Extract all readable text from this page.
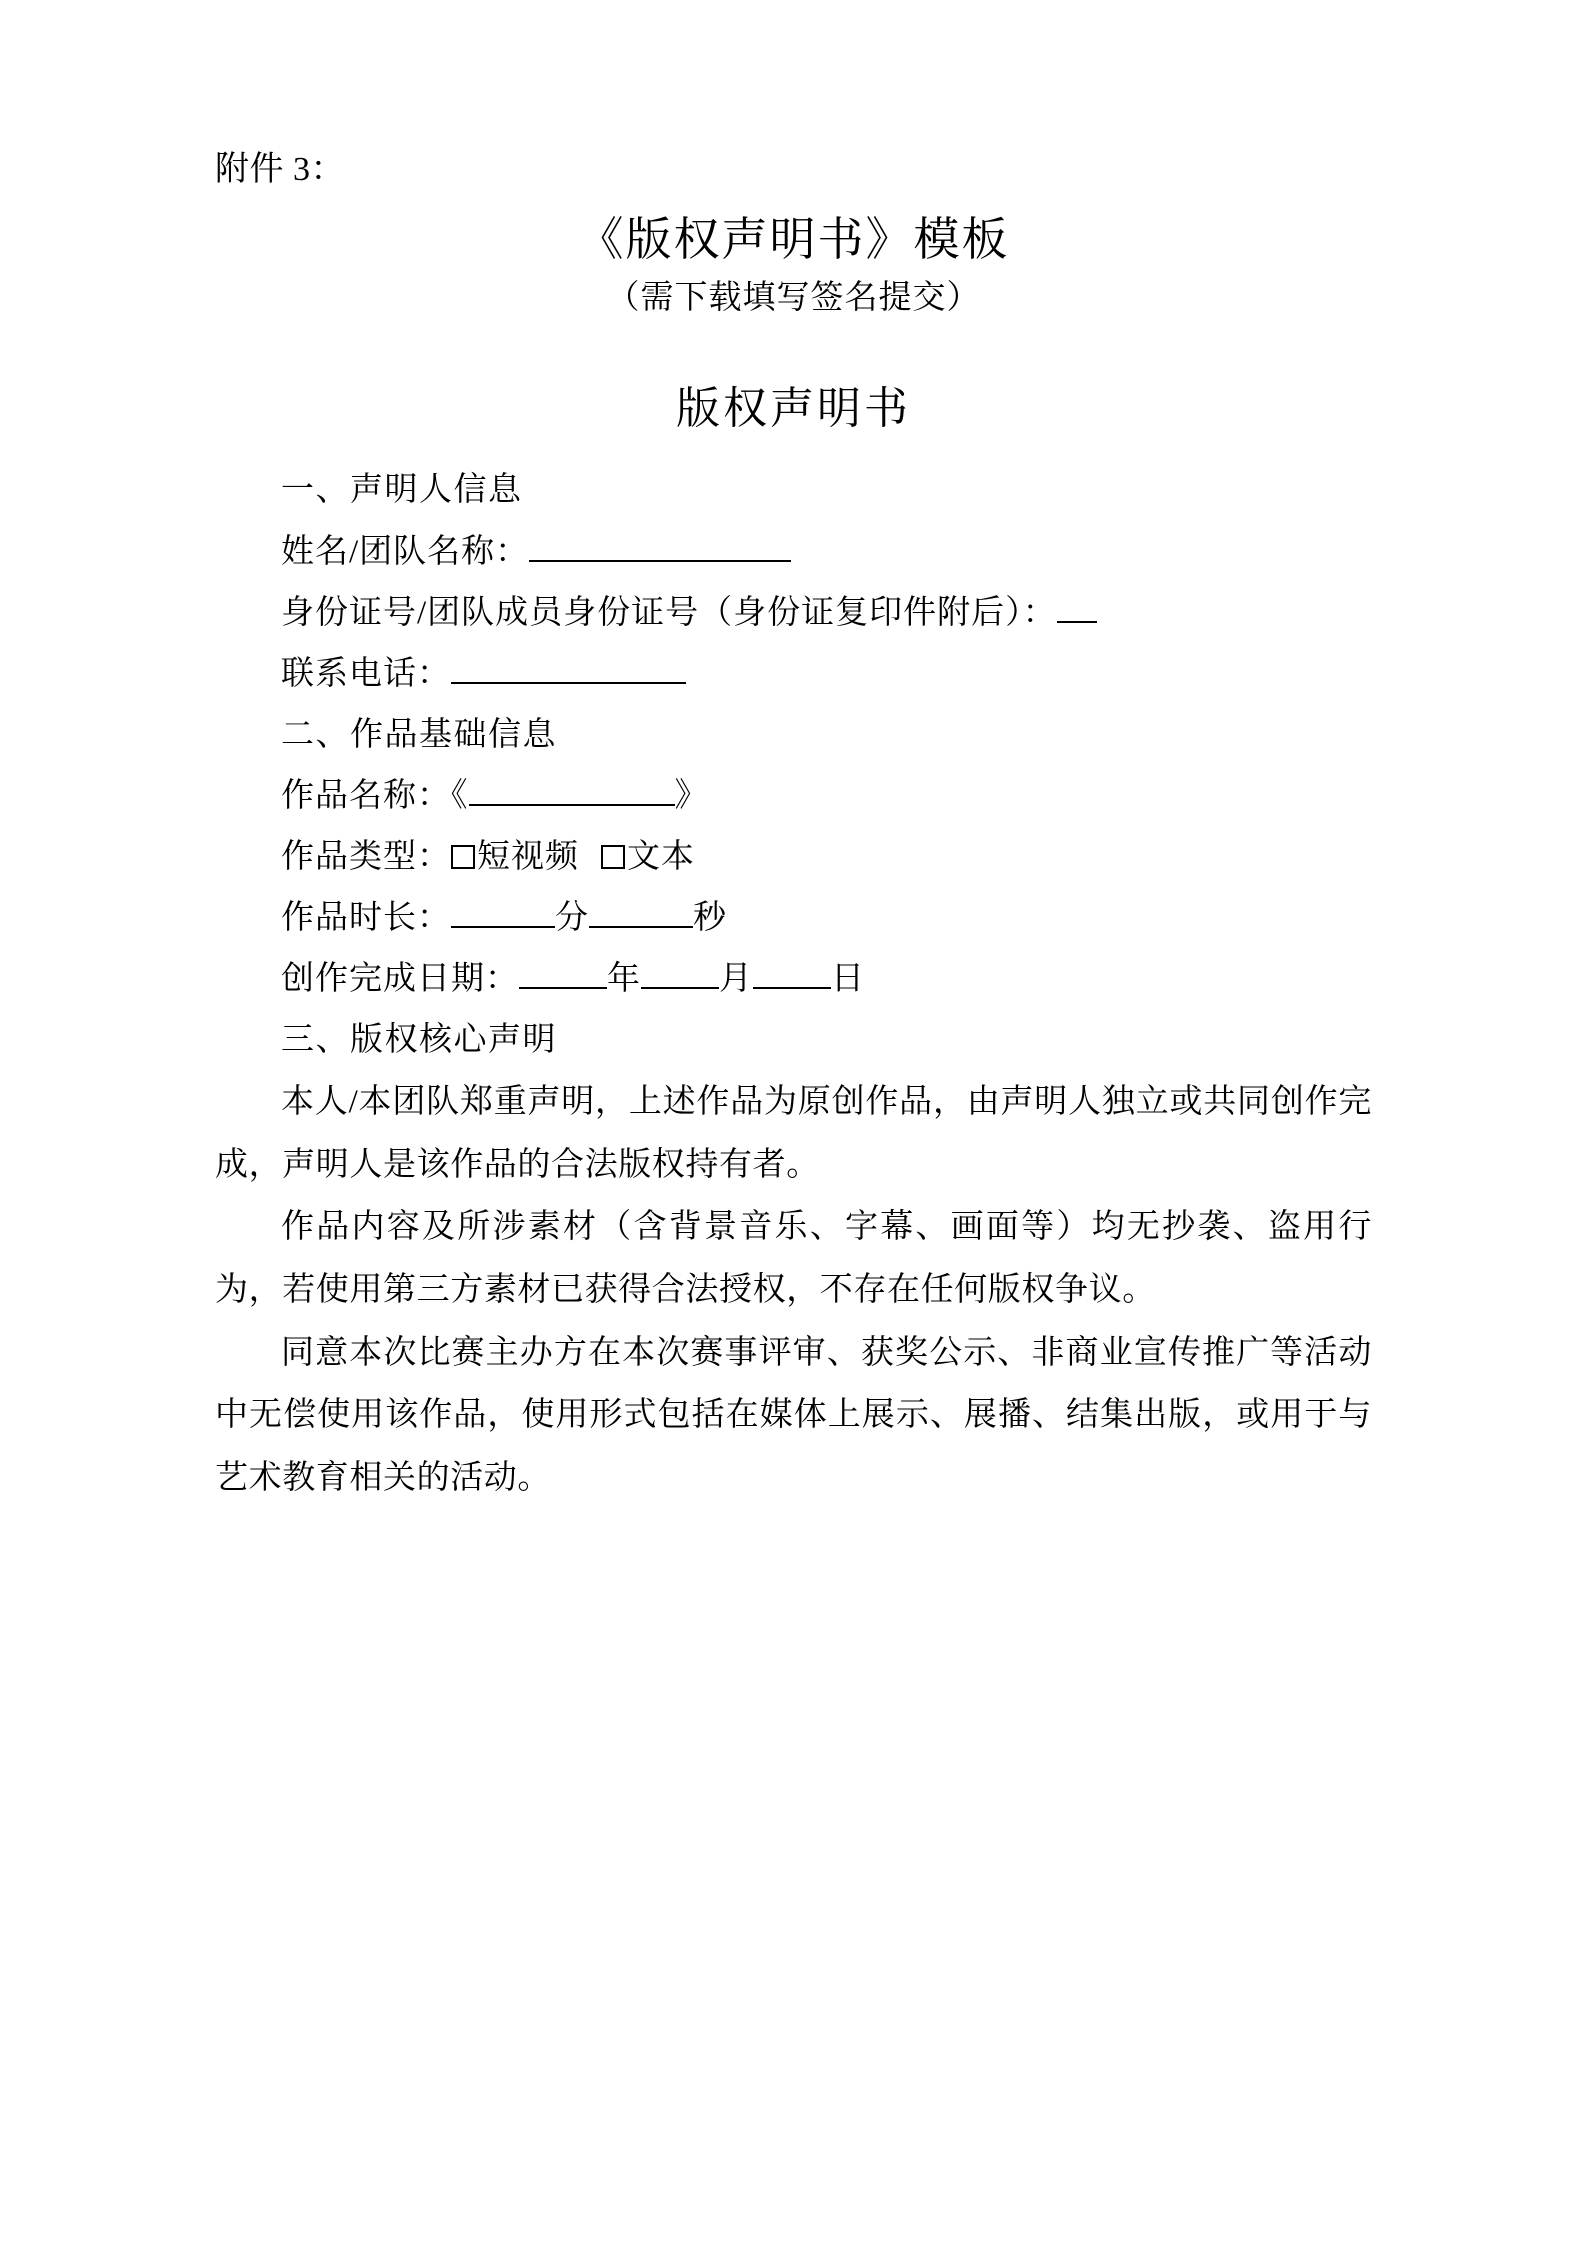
附件 3：

《版权声明书》模板

（需下载填写签名提交）

版权声明书

一、声明人信息

姓名/团队名称：

身份证号/团队成员身份证号（身份证复印件附后）：

联系电话：

二、作品基础信息

作品名称：《	》

作品类型： 短视频 文本

作品时长：	分	秒

创作完成日期：	年 月 日

三、版权核心声明

本人/本团队郑重声明，上述作品为原创作品，由声明人独立或共同创作完成，声明人是该作品的合法版权持有者。

作品内容及所涉素材（含背景音乐、字幕、画面等）均无抄袭、盗用行为，若使用第三方素材已获得合法授权，不存在任何版权争议。

同意本次比赛主办方在本次赛事评审、获奖公示、非商业宣传推广等活动中无偿使用该作品，使用形式包括在媒体上展示、展播、结集出版，或用于与艺术教育相关的活动。
